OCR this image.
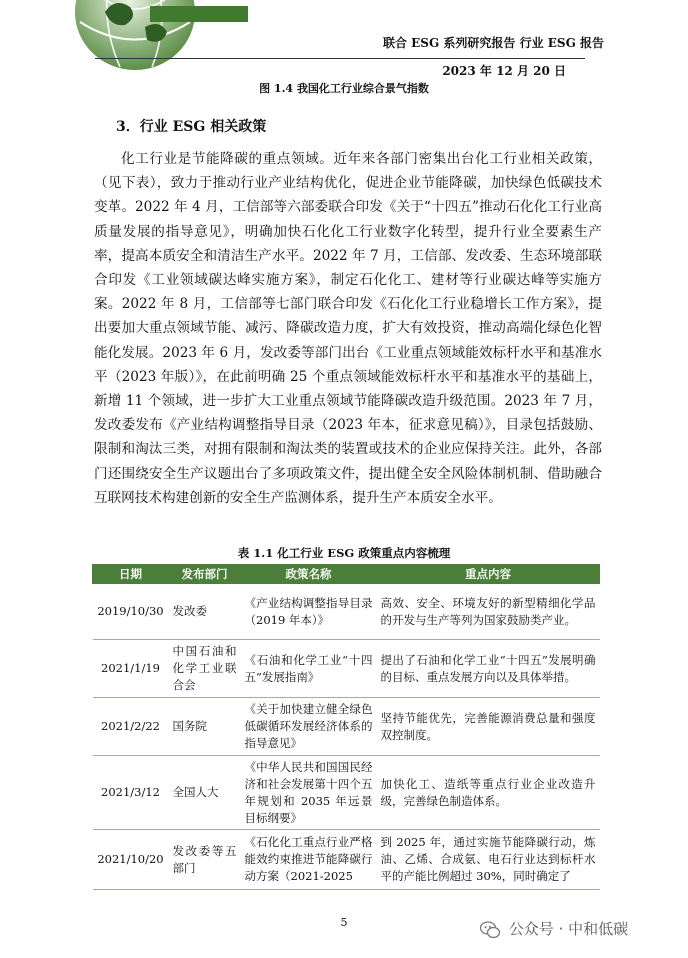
联合 ESG 系列研究报告 行业 ESG 报告
2023 年 12 月 20 日
图 1.4 我国化工行业综合景气指数
3．行业 ESG 相关政策
化工行业是节能降碳的重点领域。近年来各部门密集出台化工行业相关政策，（见下表），致力于推动行业产业结构优化，促进企业节能降碳，加快绿色低碳技术变革。2022 年 4 月，工信部等六部委联合印发《关于“十四五”推动石化化工行业高质量发展的指导意见》，明确加快石化化工行业数字化转型，提升行业全要素生产率，提高本质安全和清洁生产水平。2022 年 7 月，工信部、发改委、生态环境部联合印发《工业领域碳达峰实施方案》，制定石化化工、建材等行业碳达峰等实施方案。2022 年 8 月，工信部等七部门联合印发《石化化工行业稳增长工作方案》，提出要加大重点领域节能、减污、降碳改造力度，扩大有效投资，推动高端化绿色化智能化发展。2023 年 6 月，发改委等部门出台《工业重点领域能效标杆水平和基准水平（2023 年版）》，在此前明确 25 个重点领域能效标杆水平和基准水平的基础上，新增 11 个领域，进一步扩大工业重点领域节能降碳改造升级范围。2023 年 7 月，发改委发布《产业结构调整指导目录（2023 年本，征求意见稿）》，目录包括鼓励、限制和淘汰三类，对拥有限制和淘汰类的装置或技术的企业应保持关注。此外，各部门还围绕安全生产议题出台了多项政策文件，提出健全安全风险体制机制、借助融合互联网技术构建创新的安全生产监测体系，提升生产本质安全水平。
表 1.1 化工行业 ESG 政策重点内容梳理
日期	发布部门	政策名称	重点内容
2019/10/30	发改委	《产业结构调整指导目录（2019 年本）》	高效、安全、环境友好的新型精细化学品的开发与生产等列为国家鼓励类产业。
2021/1/19	中国石油和化学工业联合会	《石油和化学工业“十四五”发展指南》	提出了石油和化学工业“十四五”发展明确的目标、重点发展方向以及具体举措。
2021/2/22	国务院	《关于加快建立健全绿色低碳循环发展经济体系的指导意见》	坚持节能优先，完善能源消费总量和强度双控制度。
2021/3/12	全国人大	《中华人民共和国国民经济和社会发展第十四个五年规划和 2035 年远景目标纲要》	加快化工、造纸等重点行业企业改造升级，完善绿色制造体系。
2021/10/20	发改委等五部门	《石化化工重点行业严格能效约束推进节能降碳行动方案（2021-2025	到 2025 年，通过实施节能降碳行动，炼油、乙烯、合成氨、电石行业达到标杆水平的产能比例超过 30%，同时确定了
5	公众号 · 中和低碳
